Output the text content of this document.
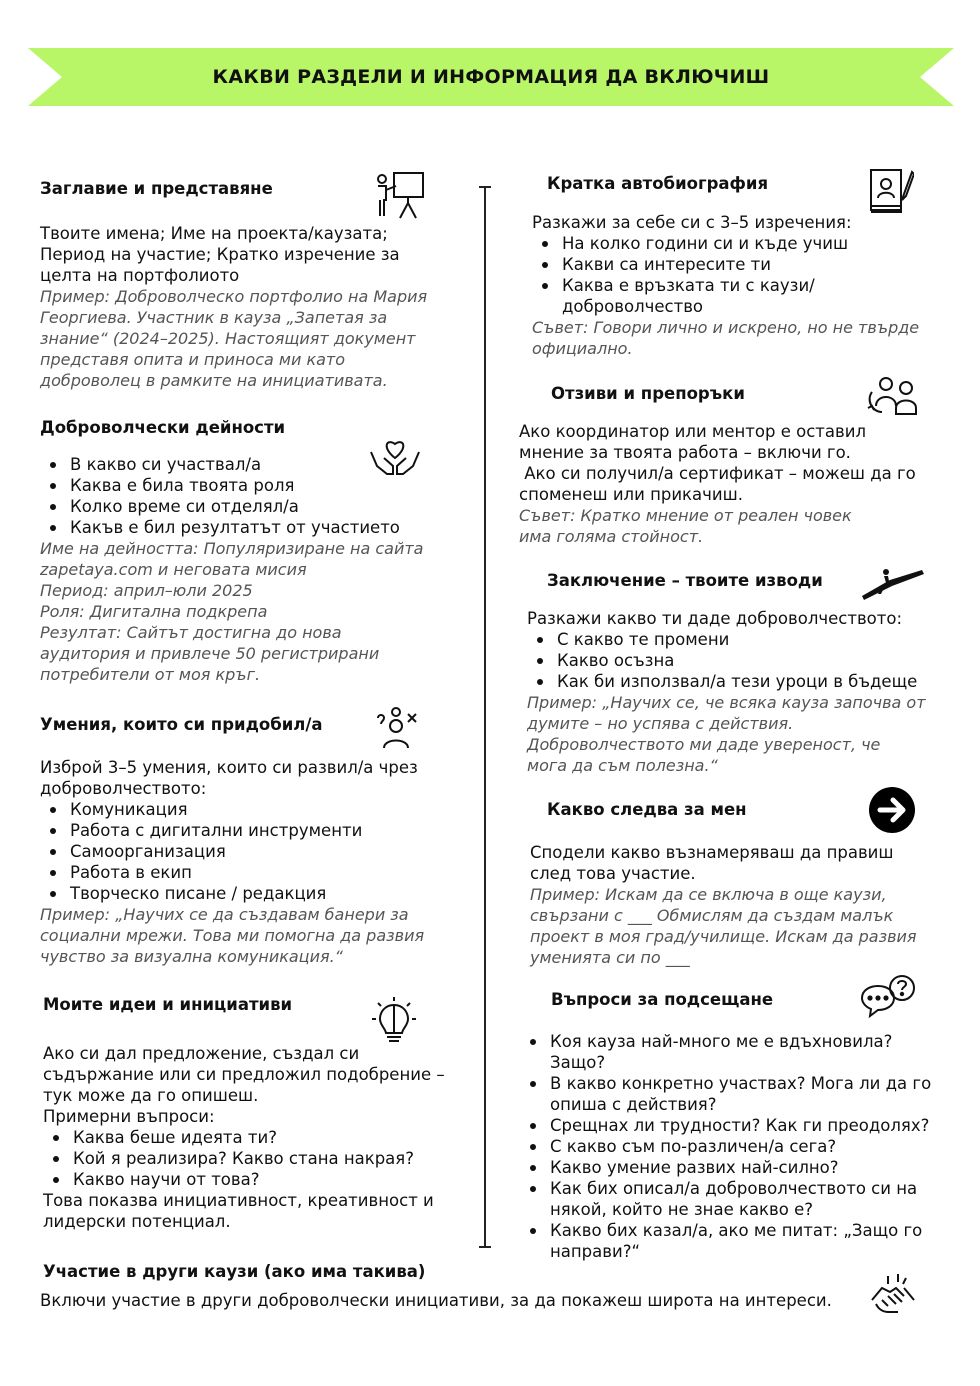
КАКВИ РАЗДЕЛИ И ИНФОРМАЦИЯ ДА ВКЛЮЧИШ
Заглавие и представяне
Твоите имена; Име на проекта/каузата;
Период на участие; Кратко изречение за
целта на портфолиото
Пример: Доброволческо портфолио на Мария
Георгиева. Участник в кауза „Запетая за
знание“ (2024–2025). Настоящият документ
представя опита и приноса ми като
доброволец в рамките на инициативата.
Доброволчески дейности
В какво си участвал/а
Каква е била твоята роля
Колко време си отделял/а
Какъв е бил резултатът от участието
Име на дейността: Популяризиране на сайта
zapetaya.com и неговата мисия
Период: април–юли 2025
Роля: Дигитална подкрепа
Резултат: Сайтът достигна до нова
аудитория и привлече 50 регистрирани
потребители от моя кръг.
Умения, които си придобил/а
Изброй 3–5 умения, които си развил/а чрез
доброволчеството:
Комуникация
Работа с дигитални инструменти
Самоорганизация
Работа в екип
Творческо писане / редакция
Пример: „Научих се да създавам банери за
социални мрежи. Това ми помогна да развия
чувство за визуална комуникация.“
Моите идеи и инициативи
Ако си дал предложение, създал си
съдържание или си предложил подобрение –
тук може да го опишеш.
Примерни въпроси:
Каква беше идеята ти?
Кой я реализира? Какво стана накрая?
Какво научи от това?
Това показва инициативност, креативност и
лидерски потенциал.
Участие в други каузи (ако има такива)
Включи участие в други доброволчески инициативи, за да покажеш широта на интереси.
Кратка автобиография
Разкажи за себе си с 3–5 изречения:
На колко години си и къде учиш
Какви са интересите ти
Каква е връзката ти с каузи/
доброволчество
Съвет: Говори лично и искрено, но не твърде
официално.
Отзиви и препоръки
Ако координатор или ментор е оставил
мнение за твоята работа – включи го.
Ако си получил/а сертификат – можеш да го
споменеш или прикачиш.
Съвет: Кратко мнение от реален човек
има голяма стойност.
Заключение – твоите изводи
Разкажи какво ти даде доброволчеството:
С какво те промени
Какво осъзна
Как би използвал/а тези уроци в бъдеще
Пример: „Научих се, че всяка кауза започва от
думите – но успява с действия.
Доброволчеството ми даде увереност, че
мога да съм полезна.“
Какво следва за мен
Сподели какво възнамеряваш да правиш
след това участие.
Пример: Искам да се включа в още каузи,
свързани с ___ Обмислям да създам малък
проект в моя град/училище. Искам да развия
уменията си по ___
Въпроси за подсещане
Коя кауза най-много ме е вдъхновила?
Защо?
В какво конкретно участвах? Мога ли да го
опиша с действия?
Срещнах ли трудности? Как ги преодолях?
С какво съм по-различен/а сега?
Какво умение развих най-силно?
Как бих описал/а доброволчеството си на
някой, който не знае какво е?
Какво бих казал/а, ако ме питат: „Защо го
направи?“
